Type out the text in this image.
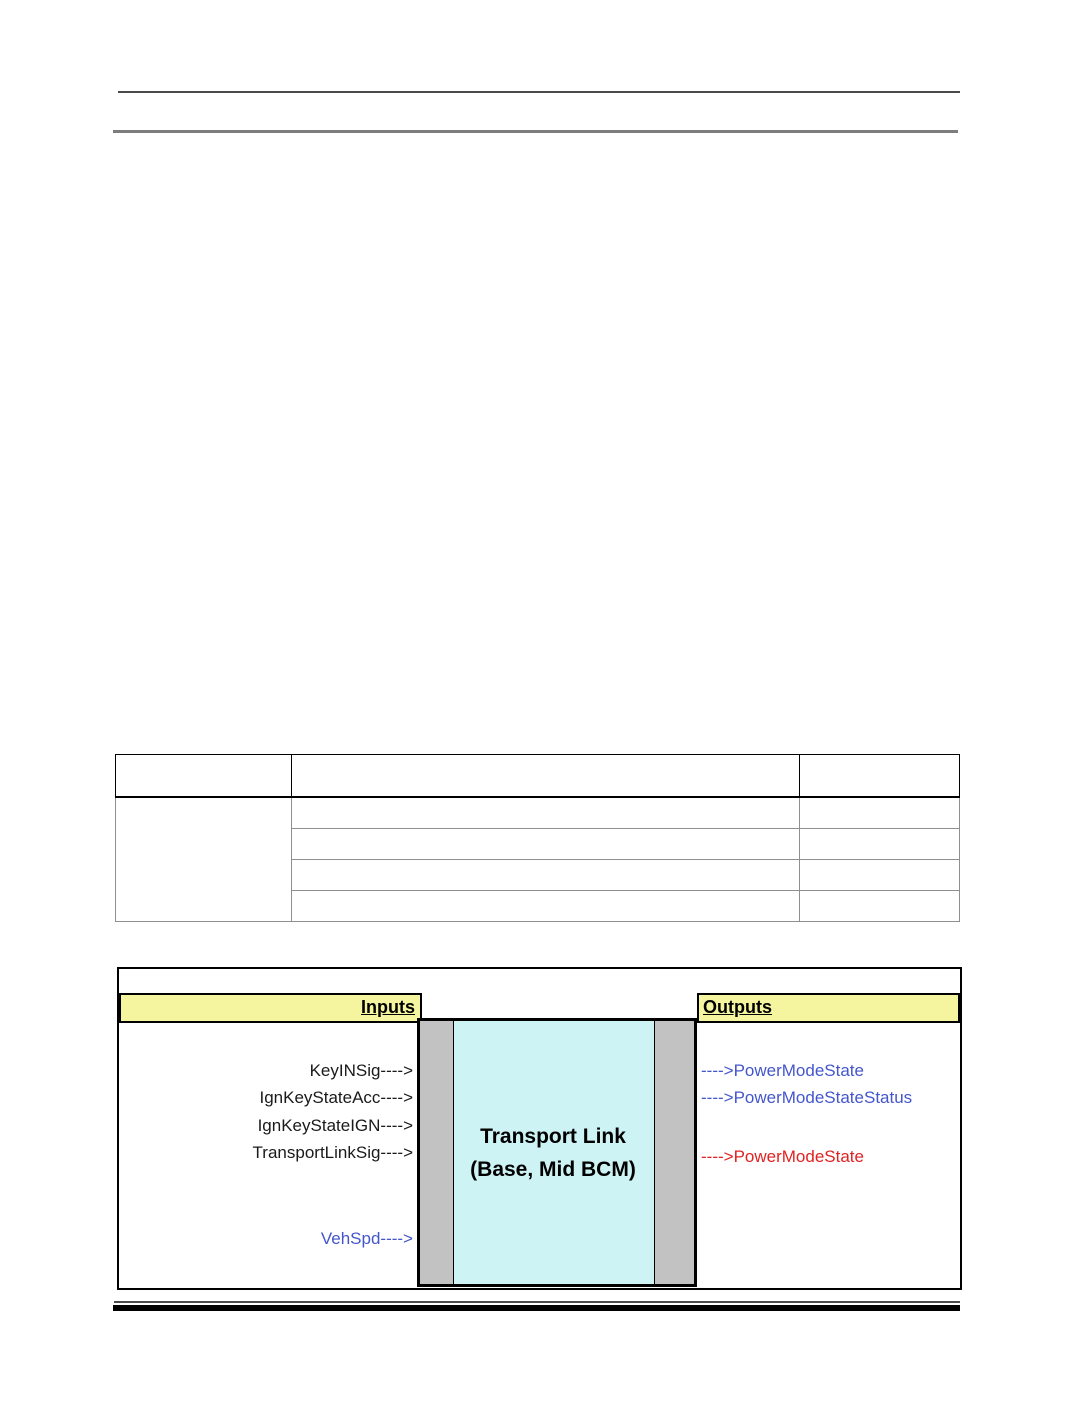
Inputs	Outputs
Transport Link
(Base, Mid BCM)
KeyINSig---->
IgnKeyStateAcc---->
IgnKeyStateIGN---->
TransportLinkSig---->
VehSpd---->
---->PowerModeState
---->PowerModeStateStatus
---->PowerModeState
